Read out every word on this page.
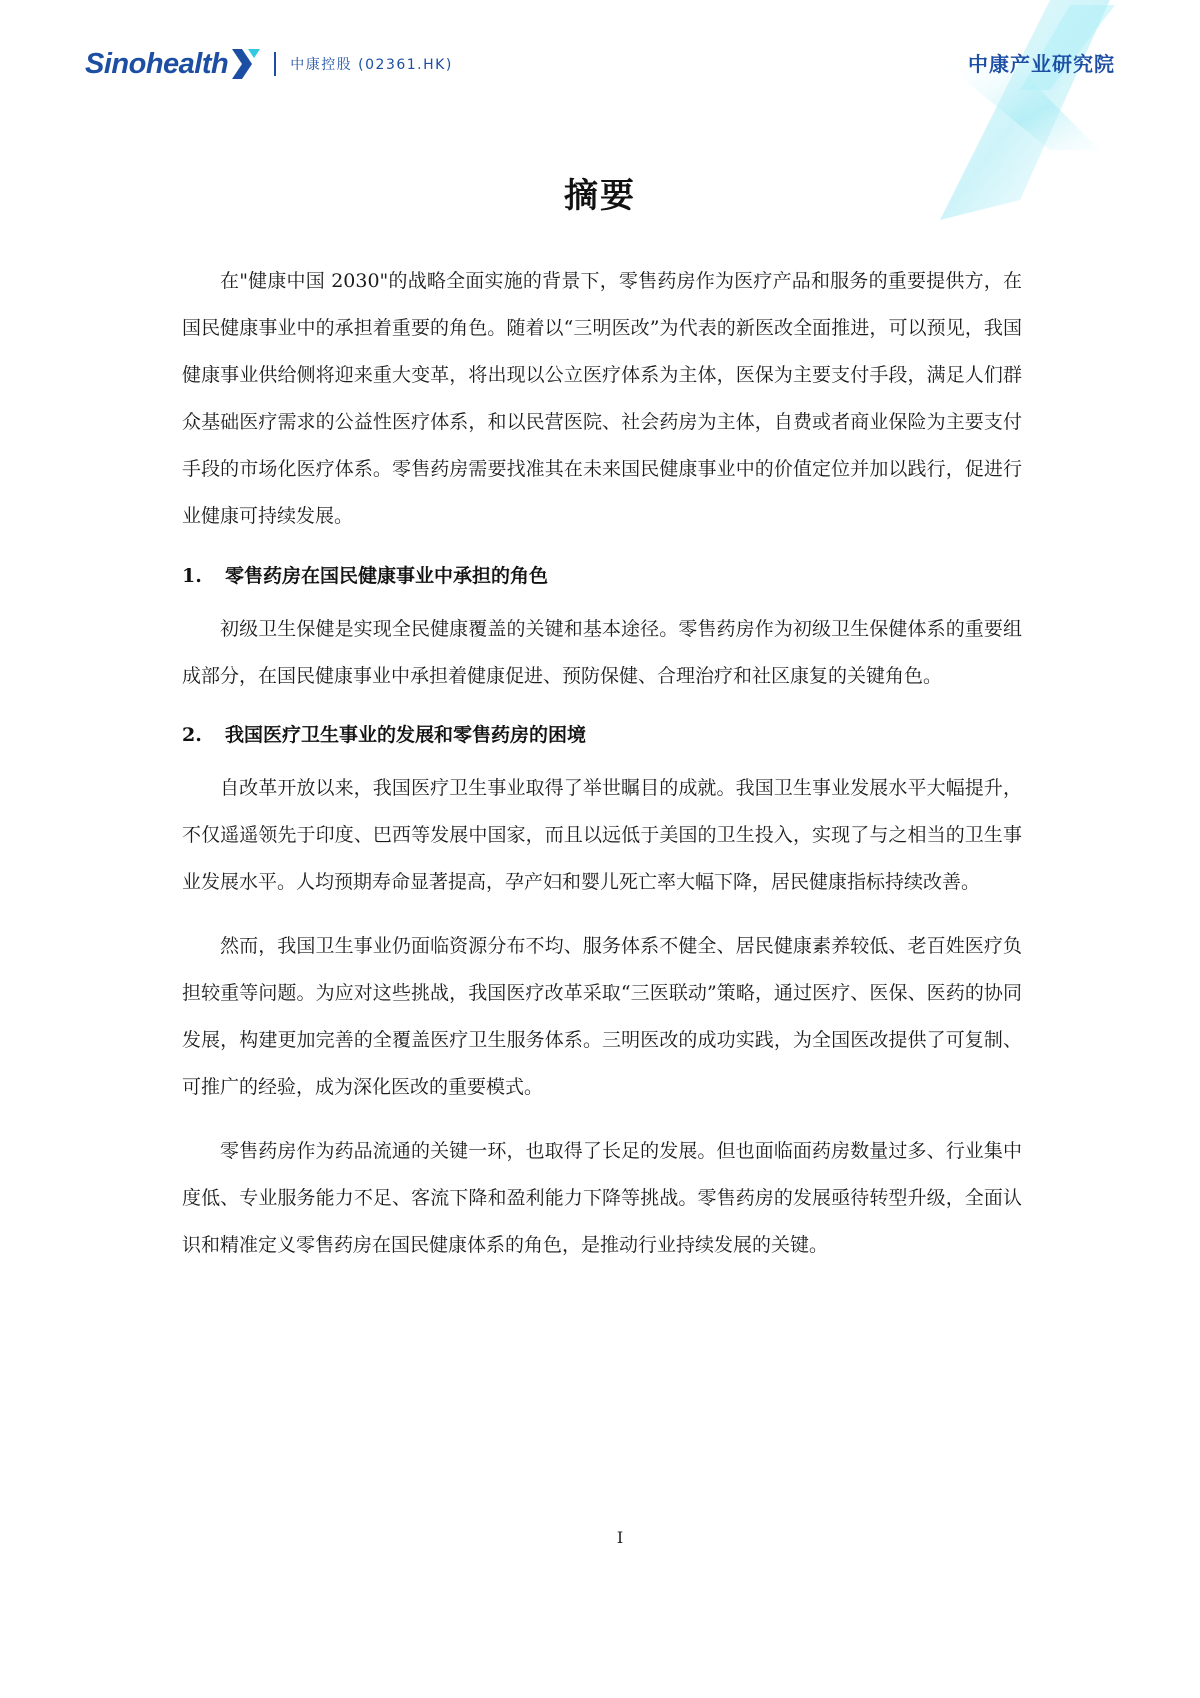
Sinohealth	中康控股 (02361.HK)	中康产业研究院
摘要

在"健康中国 2030"的战略全面实施的背景下，零售药房作为医疗产品和服务的重要提供方，在国民健康事业中的承担着重要的角色。随着以“三明医改”为代表的新医改全面推进，可以预见，我国健康事业供给侧将迎来重大变革，将出现以公立医疗体系为主体，医保为主要支付手段，满足人们群众基础医疗需求的公益性医疗体系，和以民营医院、社会药房为主体，自费或者商业保险为主要支付手段的市场化医疗体系。零售药房需要找准其在未来国民健康事业中的价值定位并加以践行，促进行业健康可持续发展。

1. 零售药房在国民健康事业中承担的角色

初级卫生保健是实现全民健康覆盖的关键和基本途径。零售药房作为初级卫生保健体系的重要组成部分，在国民健康事业中承担着健康促进、预防保健、合理治疗和社区康复的关键角色。

2. 我国医疗卫生事业的发展和零售药房的困境

自改革开放以来，我国医疗卫生事业取得了举世瞩目的成就。我国卫生事业发展水平大幅提升，不仅遥遥领先于印度、巴西等发展中国家，而且以远低于美国的卫生投入，实现了与之相当的卫生事业发展水平。人均预期寿命显著提高，孕产妇和婴儿死亡率大幅下降，居民健康指标持续改善。

然而，我国卫生事业仍面临资源分布不均、服务体系不健全、居民健康素养较低、老百姓医疗负担较重等问题。为应对这些挑战，我国医疗改革采取“三医联动”策略，通过医疗、医保、医药的协同发展，构建更加完善的全覆盖医疗卫生服务体系。三明医改的成功实践，为全国医改提供了可复制、可推广的经验，成为深化医改的重要模式。

零售药房作为药品流通的关键一环，也取得了长足的发展。但也面临面药房数量过多、行业集中度低、专业服务能力不足、客流下降和盈利能力下降等挑战。零售药房的发展亟待转型升级，全面认识和精准定义零售药房在国民健康体系的角色，是推动行业持续发展的关键。

I
